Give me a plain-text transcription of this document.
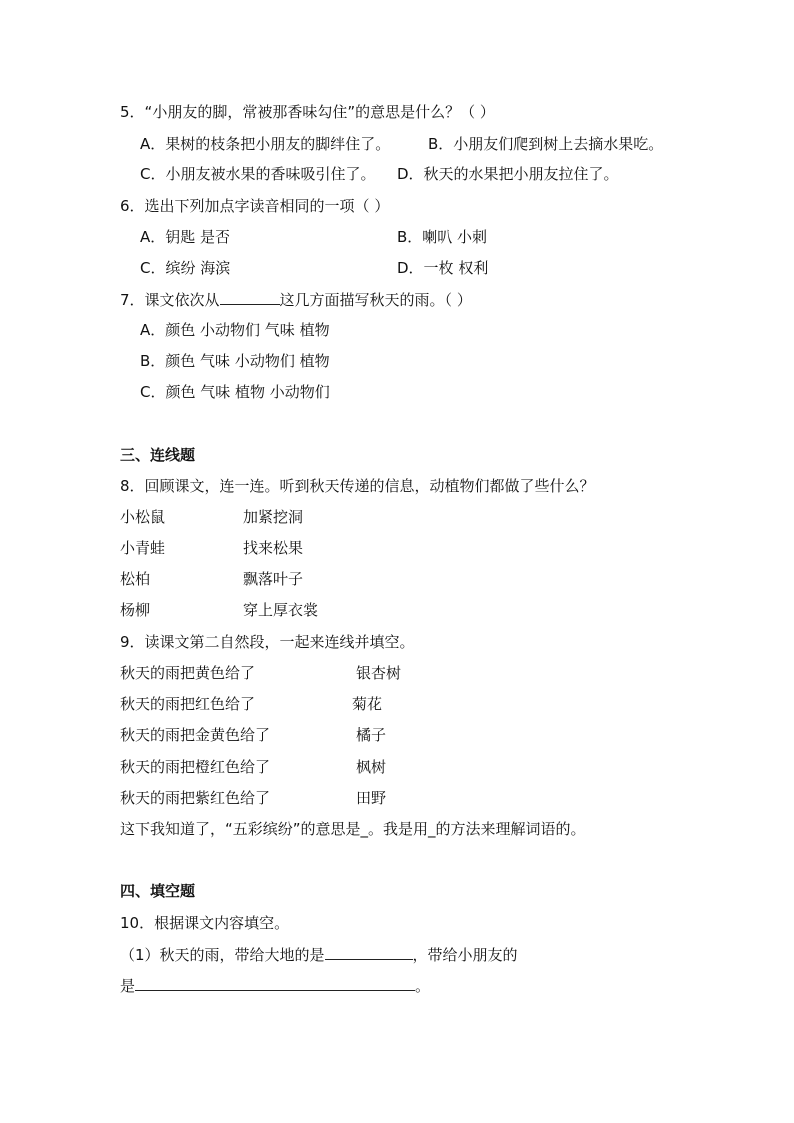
5．“小朋友的脚，常被那香味勾住”的意思是什么？（ ）
A．果树的枝条把小朋友的脚绊住了。	B．小朋友们爬到树上去摘水果吃。
C．小朋友被水果的香味吸引住了。 D．秋天的水果把小朋友拉住了。
6．选出下列加点字读音相同的一项（ ）
A．钥匙 是否	B．喇叭 小刺
C．缤纷 海滨	D．一枚 权利
7．课文依次从	这几方面描写秋天的雨。（ ）
A．颜色 小动物们 气味 植物
B．颜色 气味 小动物们 植物
C．颜色 气味 植物 小动物们
三、连线题
8．回顾课文，连一连。听到秋天传递的信息，动植物们都做了些什么？
小松鼠	加紧挖洞
小青蛙	找来松果
松柏	飘落叶子
杨柳	穿上厚衣裳
9．读课文第二自然段，一起来连线并填空。
秋天的雨把黄色给了	银杏树
秋天的雨把红色给了	菊花
秋天的雨把金黄色给了	橘子
秋天的雨把橙红色给了	枫树
秋天的雨把紫红色给了	田野
这下我知道了，“五彩缤纷”的意思是_。我是用_的方法来理解词语的。
四、填空题
10．根据课文内容填空。
（1）秋天的雨，带给大地的是	，带给小朋友的
是	。
